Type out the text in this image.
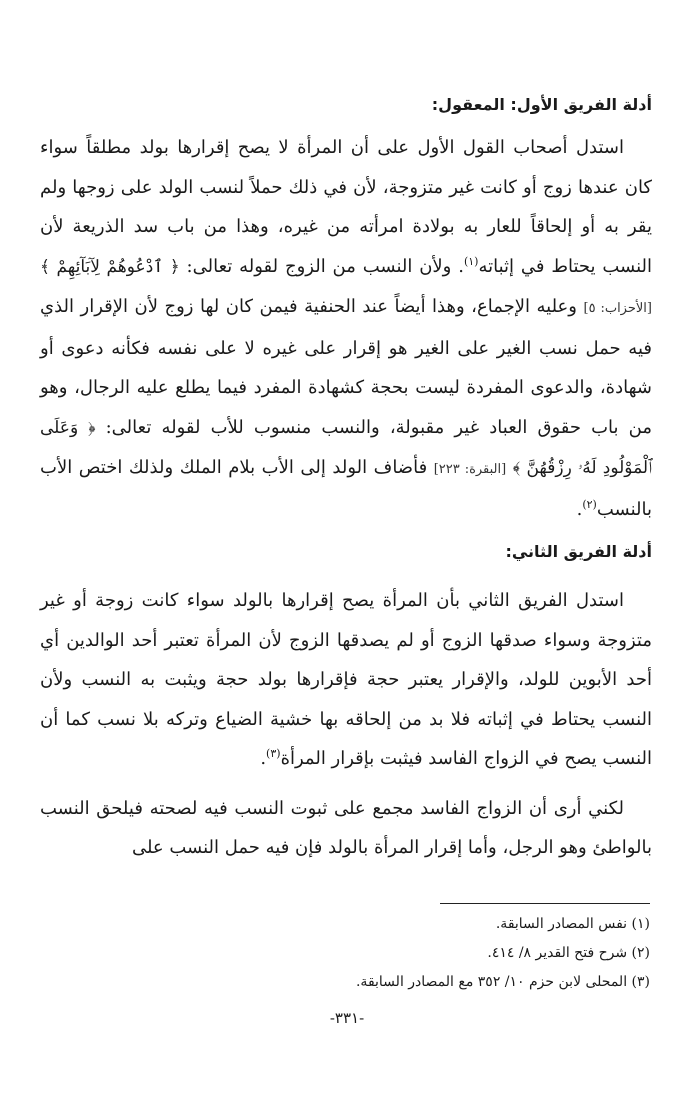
أدلة الفريق الأول: المعقول:

استدل أصحاب القول الأول على أن المرأة لا يصح إقرارها بولد مطلقاً سواء كان عندها زوج أو كانت غير متزوجة، لأن في ذلك حملاً لنسب الولد على زوجها ولم يقر به أو إلحاقاً للعار به بولادة امرأته من غيره، وهذا من باب سد الذريعة لأن النسب يحتاط في إثباته$^{(١)}$. ولأن النسب من الزوج لقوله تعالى: ﴿ ٱدْعُوهُمْ لِآبَآئِهِمْ ﴾ [الأحزاب: ٥] وعليه الإجماع، وهذا أيضاً عند الحنفية فيمن كان لها زوج لأن الإقرار الذي فيه حمل نسب الغير على الغير هو إقرار على غيره لا على نفسه فكأنه دعوى أو شهادة، والدعوى المفردة ليست بحجة كشهادة المفرد فيما يطلع عليه الرجال، وهو من باب حقوق العباد غير مقبولة، والنسب منسوب للأب لقوله تعالى: ﴿ وَعَلَى ٱلْمَوْلُودِ لَهُۥ رِزْقُهُنَّ ﴾ [البقرة: ٢٢٣] فأضاف الولد إلى الأب بلام الملك ولذلك اختص الأب بالنسب$^{(٢)}$.

أدلة الفريق الثاني:

استدل الفريق الثاني بأن المرأة يصح إقرارها بالولد سواء كانت زوجة أو غير متزوجة وسواء صدقها الزوج أو لم يصدقها الزوج لأن المرأة تعتبر أحد الوالدين أي أحد الأبوين للولد، والإقرار يعتبر حجة فإقرارها بولد حجة ويثبت به النسب ولأن النسب يحتاط في إثباته فلا بد من إلحاقه بها خشية الضياع وتركه بلا نسب كما أن النسب يصح في الزواج الفاسد فيثبت بإقرار المرأة$^{(٣)}$.

لكني أرى أن الزواج الفاسد مجمع على ثبوت النسب فيه لصحته فيلحق النسب بالواطئ وهو الرجل، وأما إقرار المرأة بالولد فإن فيه حمل النسب على

(١) نفس المصادر السابقة.

(٢) شرح فتح القدير ٨/ ٤١٤.

(٣) المحلى لابن حزم ١٠/ ٣٥٢ مع المصادر السابقة.

-٣٣١-
